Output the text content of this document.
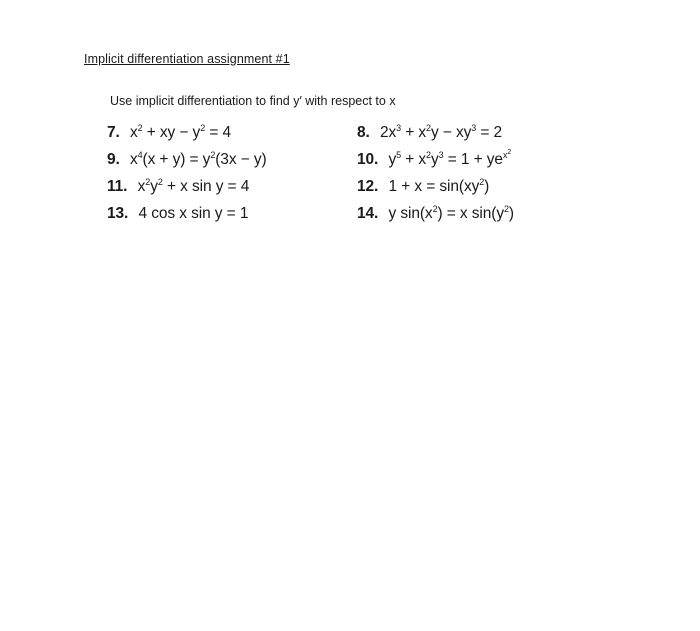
Implicit differentiation assignment #1
Use implicit differentiation to find y′ with respect to x
7. $x^2$ + xy − $y^2 = 4$	8. $2x^3 + x^2y - xy^3 = 2$
9. $x^4(x + y) = y^2(3x - y)$	10. $y^5 + x^2y^3 = 1 + ye^{x^2}$
11. $x^2y^2 + x$ sin y = 4	12. $1 + x = \sin(xy^2)$
13. 4 cos x sin y = 1	14. y $\sin(x^2) = x$ $\sin(y^2)$
